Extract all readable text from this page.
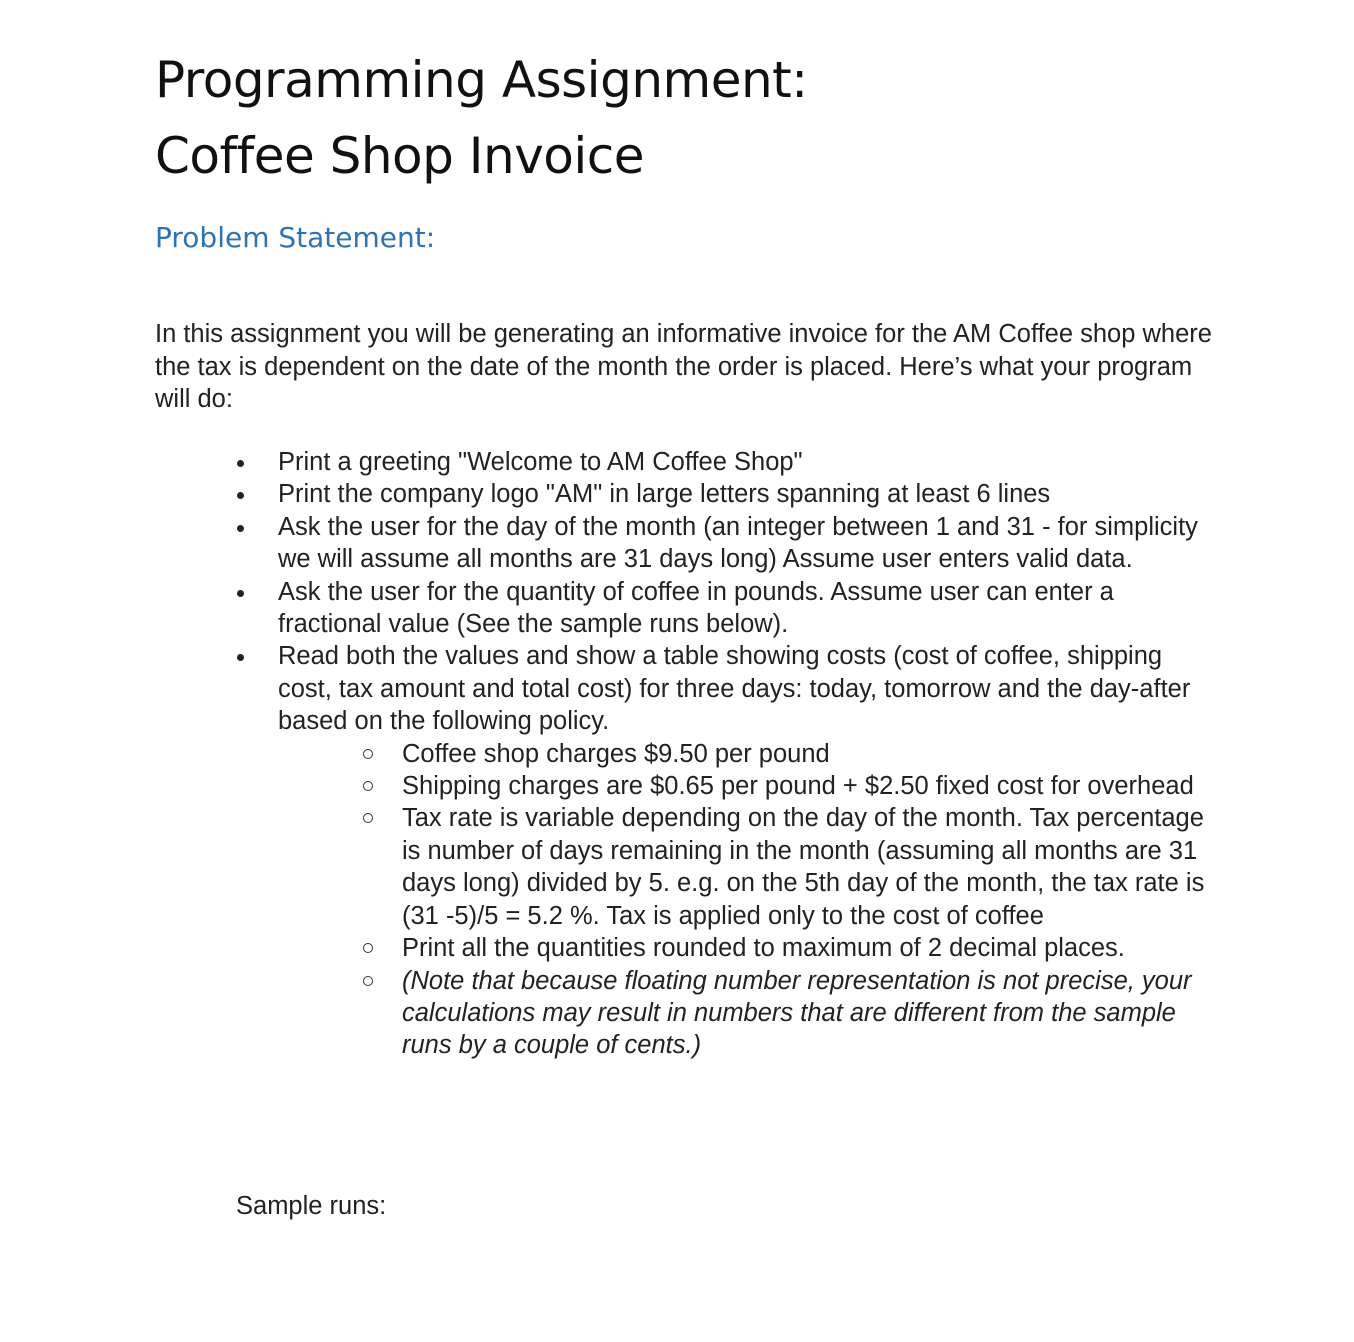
Programming Assignment:
Coffee Shop Invoice
Problem Statement:

In this assignment you will be generating an informative invoice for the AM Coffee shop where the tax is dependent on the date of the month the order is placed. Here’s what your program will do:

Print a greeting "Welcome to AM Coffee Shop"
Print the company logo "AM" in large letters spanning at least 6 lines
Ask the user for the day of the month (an integer between 1 and 31 - for simplicity we will assume all months are 31 days long) Assume user enters valid data.
Ask the user for the quantity of coffee in pounds. Assume user can enter a fractional value (See the sample runs below).
Read both the values and show a table showing costs (cost of coffee, shipping cost, tax amount and total cost) for three days: today, tomorrow and the day-after based on the following policy.
Coffee shop charges $9.50 per pound
Shipping charges are $0.65 per pound + $2.50 fixed cost for overhead
Tax rate is variable depending on the day of the month. Tax percentage is number of days remaining in the month (assuming all months are 31 days long) divided by 5. e.g. on the 5th day of the month, the tax rate is (31 -5)/5 = 5.2 %. Tax is applied only to the cost of coffee
Print all the quantities rounded to maximum of 2 decimal places.
(Note that because floating number representation is not precise, your calculations may result in numbers that are different from the sample runs by a couple of cents.)

Sample runs:
